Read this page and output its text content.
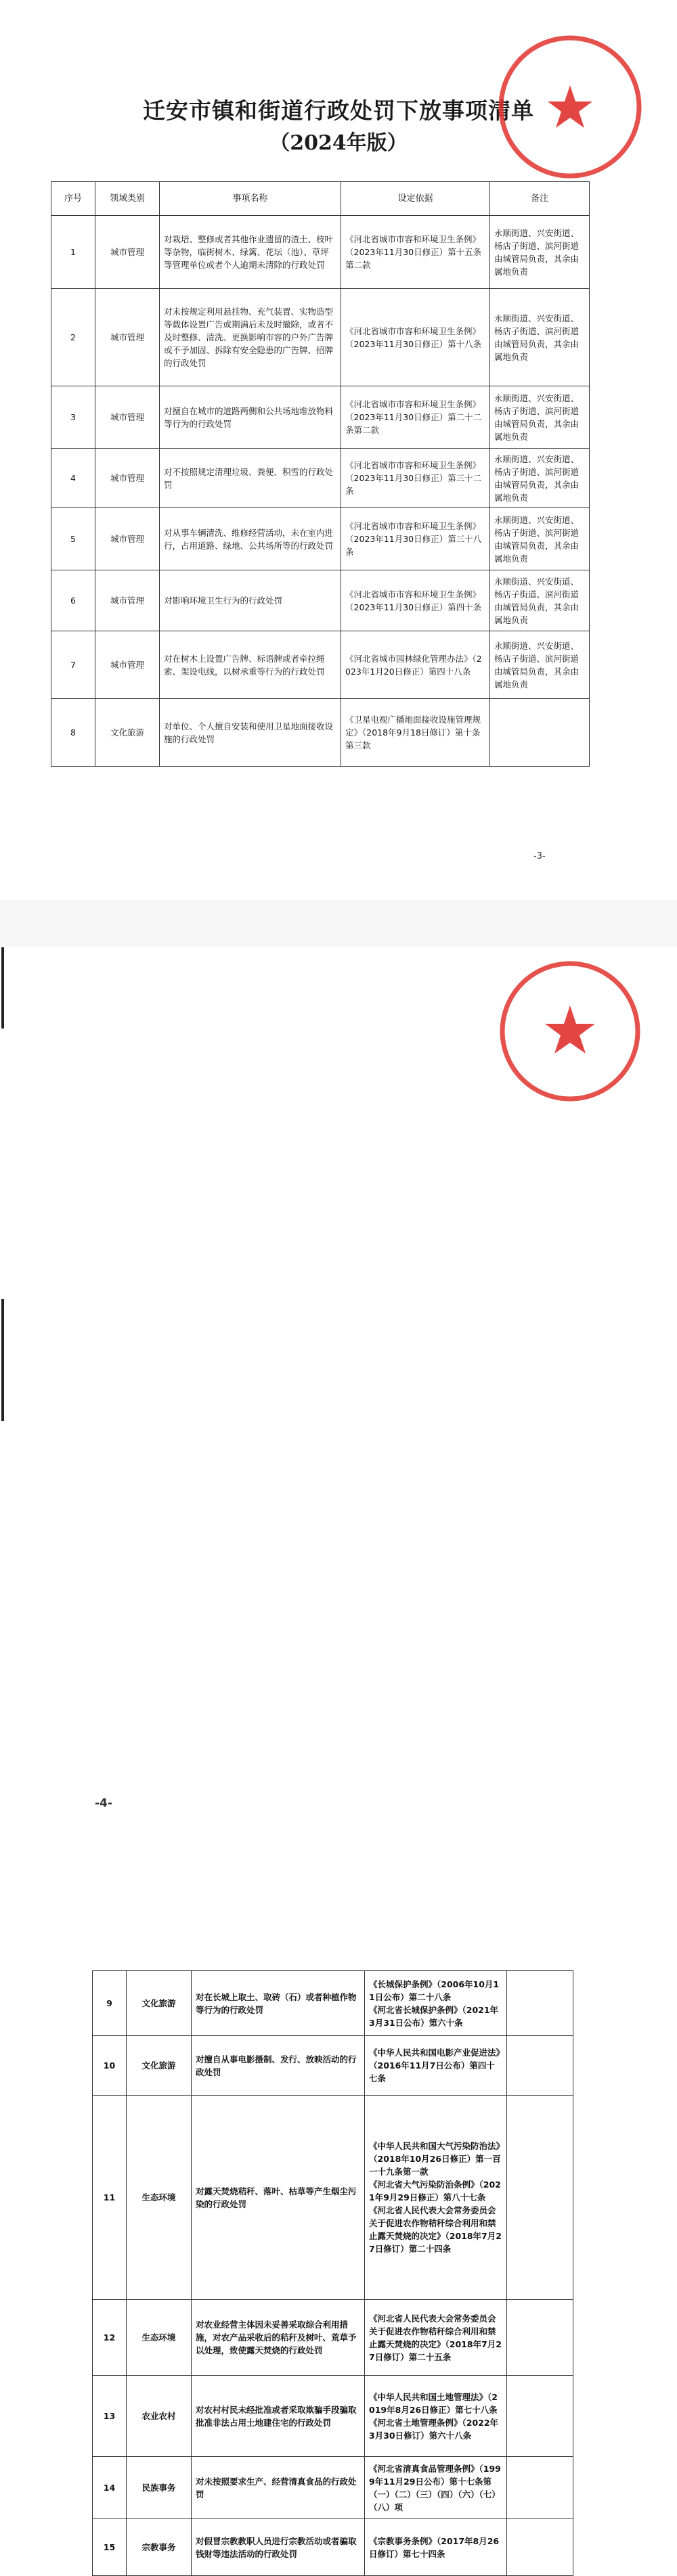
迁安市镇和街道行政处罚下放事项清单
（2024年版）
序号	领域类别	事项名称	设定依据	备注
1	城市管理	对栽培、整修或者其他作业遗留的渣土、枝叶等杂物，临街树木、绿篱、花坛（池）、草坪等管理单位或者个人逾期未清除的行政处罚	《河北省城市市容和环境卫生条例》（2023年11月30日修正）第十五条第二款	永顺街道、兴安街道、杨店子街道、滨河街道由城管局负责，其余由属地负责
2	城市管理	对未按规定利用悬挂物、充气装置、实物造型等载体设置广告或期满后未及时撤除，或者不及时整修、清洗、更换影响市容的户外广告牌或不予加固、拆除有安全隐患的广告牌、招牌的行政处罚	《河北省城市市容和环境卫生条例》（2023年11月30日修正）第十八条	永顺街道、兴安街道、杨店子街道、滨河街道由城管局负责，其余由属地负责
3	城市管理	对擅自在城市的道路两侧和公共场地堆放物料等行为的行政处罚	《河北省城市市容和环境卫生条例》（2023年11月30日修正）第二十二条第二款	永顺街道、兴安街道、杨店子街道、滨河街道由城管局负责，其余由属地负责
4	城市管理	对不按照规定清理垃圾、粪便、积雪的行政处罚	《河北省城市市容和环境卫生条例》（2023年11月30日修正）第三十二条	永顺街道、兴安街道、杨店子街道、滨河街道由城管局负责，其余由属地负责
5	城市管理	对从事车辆清洗、维修经营活动，未在室内进行，占用道路、绿地、公共场所等的行政处罚	《河北省城市市容和环境卫生条例》（2023年11月30日修正）第三十八条	永顺街道、兴安街道、杨店子街道、滨河街道由城管局负责，其余由属地负责
6	城市管理	对影响环境卫生行为的行政处罚	《河北省城市市容和环境卫生条例》（2023年11月30日修正）第四十条	永顺街道、兴安街道、杨店子街道、滨河街道由城管局负责，其余由属地负责
7	城市管理	对在树木上设置广告牌、标语牌或者牵拉绳索、架设电线，以树承重等行为的行政处罚	《河北省城市园林绿化管理办法》（2023年1月20日修正）第四十八条	永顺街道、兴安街道、杨店子街道、滨河街道由城管局负责，其余由属地负责
8	文化旅游	对单位、个人擅自安装和使用卫星地面接收设施的行政处罚	《卫星电视广播地面接收设施管理规定》（2018年9月18日修订）第十条第三款	
-3-
9	文化旅游	对在长城上取土、取砖（石）或者种植作物等行为的行政处罚	《长城保护条例》（2006年10月11日公布）第二十八条
《河北省长城保护条例》（2021年3月31日公布）第六十条	
10	文化旅游	对擅自从事电影摄制、发行、放映活动的行政处罚	《中华人民共和国电影产业促进法》（2016年11月7日公布）第四十七条	
11	生态环境	对露天焚烧秸秆、落叶、枯草等产生烟尘污染的行政处罚	《中华人民共和国大气污染防治法》（2018年10月26日修正）第一百一十九条第一款
《河北省大气污染防治条例》（2021年9月29日修正）第八十七条
《河北省人民代表大会常务委员会关于促进农作物秸秆综合利用和禁止露天焚烧的决定》（2018年7月27日修订）第二十四条	
12	生态环境	对农业经营主体因未妥善采取综合利用措施，对农产品采收后的秸秆及树叶、荒草予以处理，致使露天焚烧的行政处罚	《河北省人民代表大会常务委员会关于促进农作物秸秆综合利用和禁止露天焚烧的决定》（2018年7月27日修订）第二十五条	
13	农业农村	对农村村民未经批准或者采取欺骗手段骗取批准非法占用土地建住宅的行政处罚	《中华人民共和国土地管理法》（2019年8月26日修正）第七十八条
《河北省土地管理条例》（2022年3月30日修订）第六十八条	
14	民族事务	对未按照要求生产、经营清真食品的行政处罚	《河北省清真食品管理条例》（1999年11月29日公布）第十七条第（一）（二）（三）（四）（六）（七）（八）项	
15	宗教事务	对假冒宗教教职人员进行宗教活动或者骗取钱财等违法活动的行政处罚	《宗教事务条例》（2017年8月26日修订）第七十四条	
-4-
